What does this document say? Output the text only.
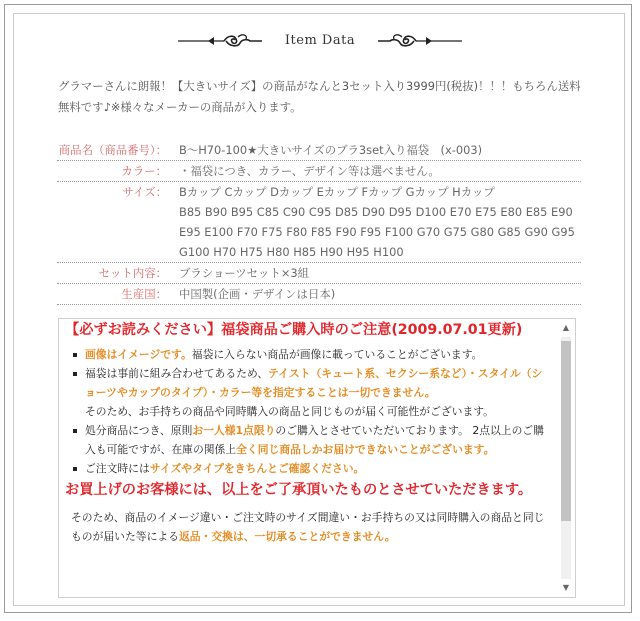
Item Data
グラマーさんに朗報！【大きいサイズ】の商品がなんと3セット入り3999円(税抜)！！！もちろん送料無料です♪※様々なメーカーの商品が入ります。
商品名（商品番号）：	B～H70-100★大きいサイズのブラ3set入り福袋　(x-003)
カラー：	・福袋につき、カラー、デザイン等は選べません。
サイズ：	Bカップ Cカップ Dカップ Eカップ Fカップ Gカップ Hカップ
B85 B90 B95 C85 C90 C95 D85 D90 D95 D100 E70 E75 E80 E85 E90 E95 E100 F70 F75 F80 F85 F90 F95 F100 G70 G75 G80 G85 G90 G95 G100 H70 H75 H80 H85 H90 H95 H100
セット内容：	ブラショーツセット×3組
生産国：	中国製(企画・デザインは日本)
【必ずお読みください】福袋商品ご購入時のご注意(2009.07.01更新)
画像はイメージです。福袋に入らない商品が画像に載っていることがございます。
福袋は事前に組み合わせてあるため、テイスト（キュート系、セクシー系など）・スタイル（ショーツやカップのタイプ）・カラー等を指定することは一切できません。
そのため、お手持ちの商品や同時購入の商品と同じものが届く可能性がございます。
処分商品につき、原則お一人様1点限りのご購入とさせていただいております。 2点以上のご購入も可能ですが、在庫の関係上全く同じ商品しかお届けできないことがございます。
ご注文時にはサイズやタイプをきちんとご確認ください。
お買上げのお客様には、以上をご了承頂いたものとさせていただきます。
そのため、商品のイメージ違い・ご注文時のサイズ間違い・お手持ちの又は同時購入の商品と同じものが届いた等による返品・交換は、一切承ることができません。
▲
▼
